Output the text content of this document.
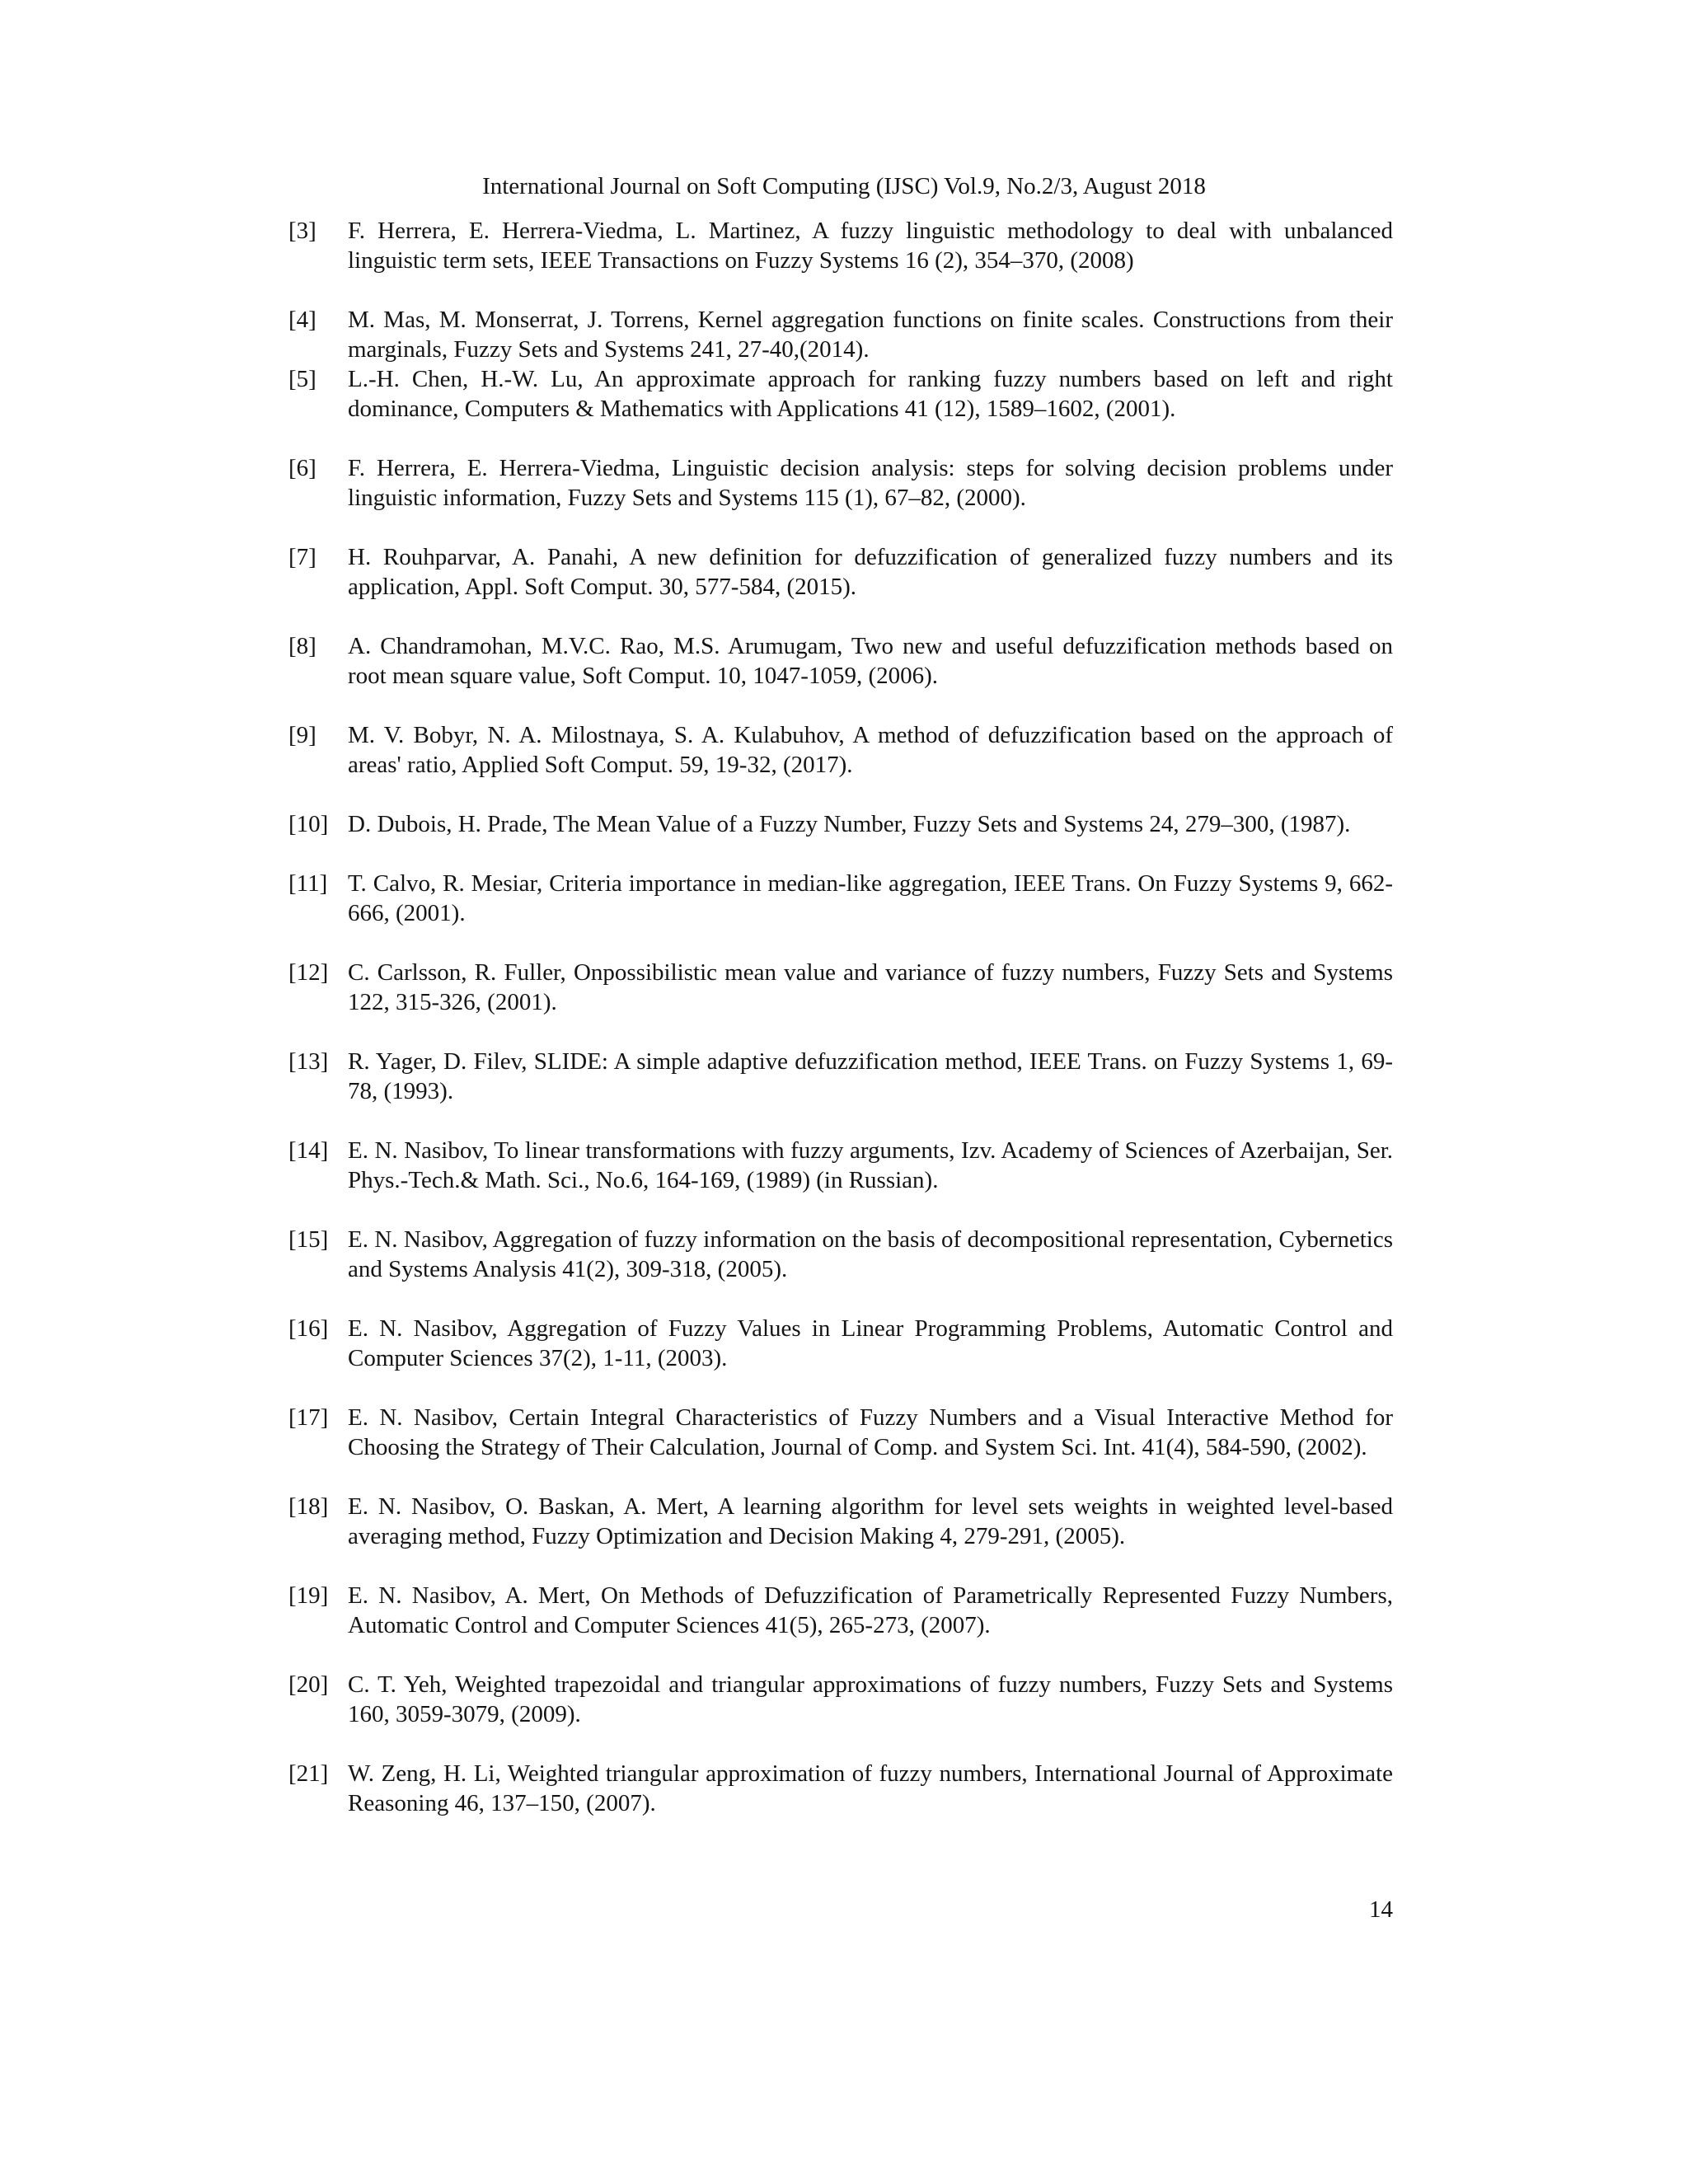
International Journal on Soft Computing (IJSC) Vol.9, No.2/3, August 2018
[3]	F. Herrera, E. Herrera-Viedma, L. Martinez, A fuzzy linguistic methodology to deal with unbalanced linguistic term sets, IEEE Transactions on Fuzzy Systems 16 (2), 354–370, (2008)
[4]	M. Mas, M. Monserrat, J. Torrens, Kernel aggregation functions on finite scales. Constructions from their marginals, Fuzzy Sets and Systems 241, 27-40,(2014).
[5]	L.-H. Chen, H.-W. Lu, An approximate approach for ranking fuzzy numbers based on left and right dominance, Computers & Mathematics with Applications 41 (12), 1589–1602, (2001).
[6]	F. Herrera, E. Herrera-Viedma, Linguistic decision analysis: steps for solving decision problems under linguistic information, Fuzzy Sets and Systems 115 (1), 67–82, (2000).
[7]	H. Rouhparvar, A. Panahi, A new definition for defuzzification of generalized fuzzy numbers and its application, Appl. Soft Comput. 30, 577-584, (2015).
[8]	A. Chandramohan, M.V.C. Rao, M.S. Arumugam, Two new and useful defuzzification methods based on root mean square value, Soft Comput. 10, 1047-1059, (2006).
[9]	M. V. Bobyr, N. A. Milostnaya, S. A. Kulabuhov, A method of defuzzification based on the approach of areas' ratio, Applied Soft Comput. 59, 19-32, (2017).
[10] D. Dubois, H. Prade, The Mean Value of a Fuzzy Number, Fuzzy Sets and Systems 24, 279–300, (1987).
[11] T. Calvo, R. Mesiar, Criteria importance in median-like aggregation, IEEE Trans. On Fuzzy Systems 9, 662-666, (2001).
[12] C. Carlsson, R. Fuller, Onpossibilistic mean value and variance of fuzzy numbers, Fuzzy Sets and Systems 122, 315-326, (2001).
[13] R. Yager, D. Filev, SLIDE: A simple adaptive defuzzification method, IEEE Trans. on Fuzzy Systems 1, 69-78, (1993).
[14] E. N. Nasibov, To linear transformations with fuzzy arguments, Izv. Academy of Sciences of Azerbaijan, Ser. Phys.-Tech.& Math. Sci., No.6, 164-169, (1989) (in Russian).
[15] E. N. Nasibov, Aggregation of fuzzy information on the basis of decompositional representation, Cybernetics and Systems Analysis 41(2), 309-318, (2005).
[16] E. N. Nasibov, Aggregation of Fuzzy Values in Linear Programming Problems, Automatic Control and Computer Sciences 37(2), 1-11, (2003).
[17] E. N. Nasibov, Certain Integral Characteristics of Fuzzy Numbers and a Visual Interactive Method for Choosing the Strategy of Their Calculation, Journal of Comp. and System Sci. Int. 41(4), 584-590, (2002).
[18] E. N. Nasibov, O. Baskan, A. Mert, A learning algorithm for level sets weights in weighted level-based averaging method, Fuzzy Optimization and Decision Making 4, 279-291, (2005).
[19] E. N. Nasibov, A. Mert, On Methods of Defuzzification of Parametrically Represented Fuzzy Numbers, Automatic Control and Computer Sciences 41(5), 265-273, (2007).
[20] C. T. Yeh, Weighted trapezoidal and triangular approximations of fuzzy numbers, Fuzzy Sets and Systems 160, 3059-3079, (2009).
[21] W. Zeng, H. Li, Weighted triangular approximation of fuzzy numbers, International Journal of Approximate Reasoning 46, 137–150, (2007).
14
